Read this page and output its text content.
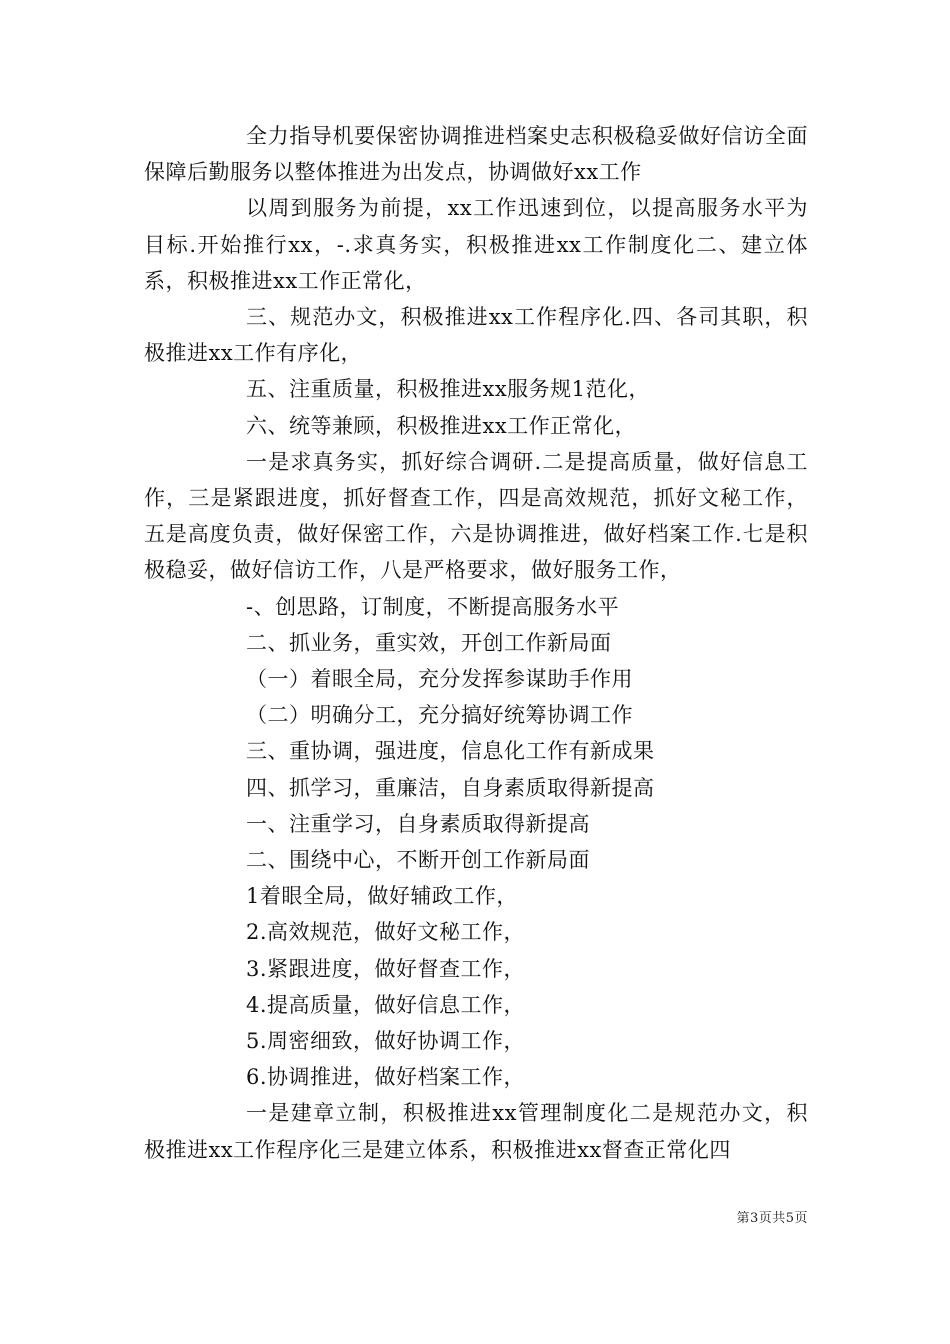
全力指导机要保密协调推进档案史志积极稳妥做好信访全面保障后勤服务以整体推进为出发点，协调做好xx工作

以周到服务为前提，xx工作迅速到位，以提高服务水平为目标.开始推行xx，-.求真务实，积极推进xx工作制度化二、建立体系，积极推进xx工作正常化，

三、规范办文，积极推进xx工作程序化.四、各司其职，积极推进xx工作有序化，

五、注重质量，积极推进xx服务规1范化，

六、统等兼顾，积极推进xx工作正常化，

一是求真务实，抓好综合调研.二是提高质量，做好信息工作，三是紧跟进度，抓好督查工作，四是高效规范，抓好文秘工作，五是高度负责，做好保密工作，六是协调推进，做好档案工作.七是积极稳妥，做好信访工作，八是严格要求，做好服务工作，

-、创思路，订制度，不断提高服务水平

二、抓业务，重实效，开创工作新局面

（一）着眼全局，充分发挥参谋助手作用

（二）明确分工，充分搞好统筹协调工作

三、重协调，强进度，信息化工作有新成果

四、抓学习，重廉洁，自身素质取得新提高

一、注重学习，自身素质取得新提高

二、围绕中心，不断开创工作新局面

1着眼全局，做好辅政工作，

2.高效规范，做好文秘工作，

3.紧跟进度，做好督查工作，

4.提高质量，做好信息工作，

5.周密细致，做好协调工作，

6.协调推进，做好档案工作，

一是建章立制，积极推进xx管理制度化二是规范办文，积极推进xx工作程序化三是建立体系，积极推进xx督查正常化四

第3页共5页
